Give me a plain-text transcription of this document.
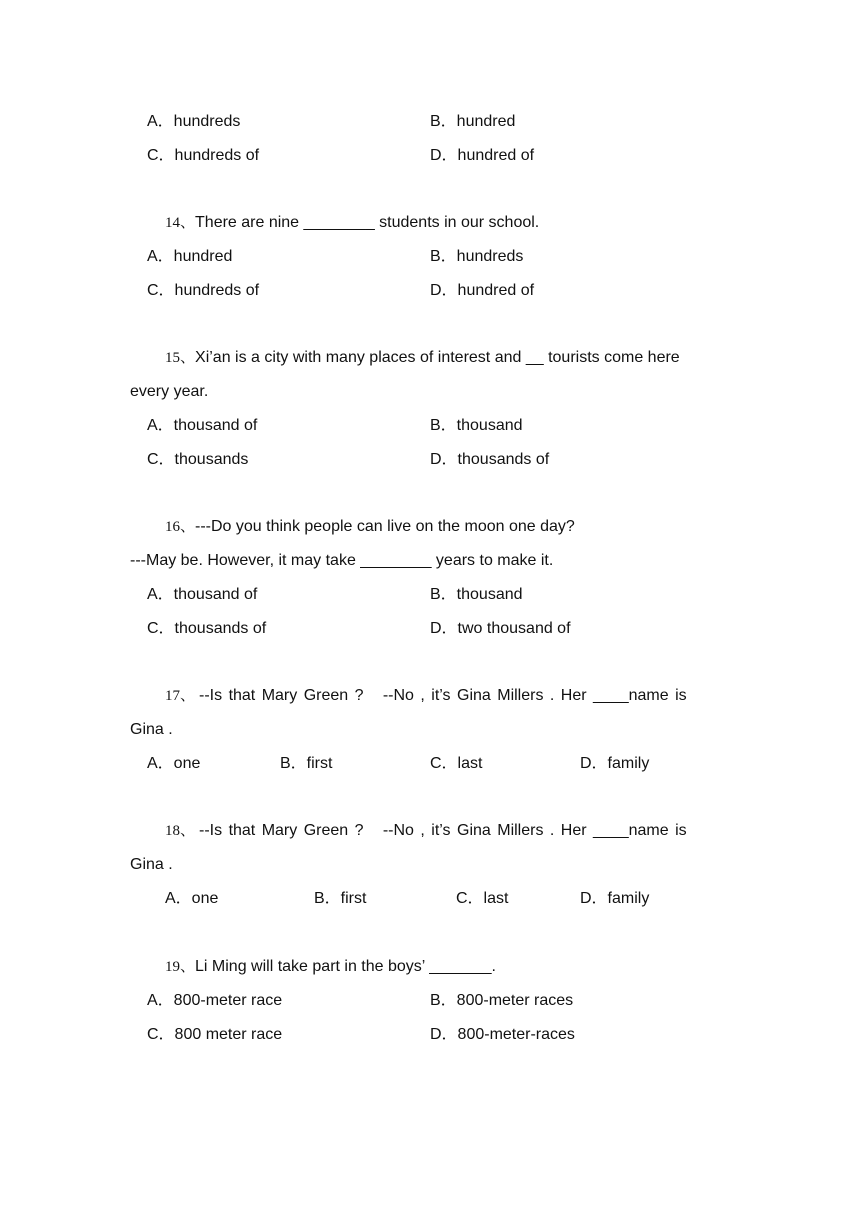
A．hundreds	B．hundred
C．hundreds of	D．hundred of
14、There are nine ________ students in our school.
A．hundred	B．hundreds
C．hundreds of	D．hundred of
15、Xi’an is a city with many places of interest and __ tourists come here
every year.
A．thousand of	B．thousand
C．thousands	D．thousands of
16、---Do you think people can live on the moon one day?
---May be. However, it may take ________ years to make it.
A．thousand of	B．thousand
C．thousands of	D．two thousand of
17、 --Is that Mary Green ?   --No , it’s Gina Millers . Her ____name is
Gina .
A．one	B．first	C．last	D．family
18、 --Is that Mary Green ?   --No , it’s Gina Millers . Her ____name is
Gina .
A．one	B．first	C．last	D．family
19、Li Ming will take part in the boys’ _______.
A．800-meter race	B．800-meter races
C．800 meter race	D．800-meter-races
